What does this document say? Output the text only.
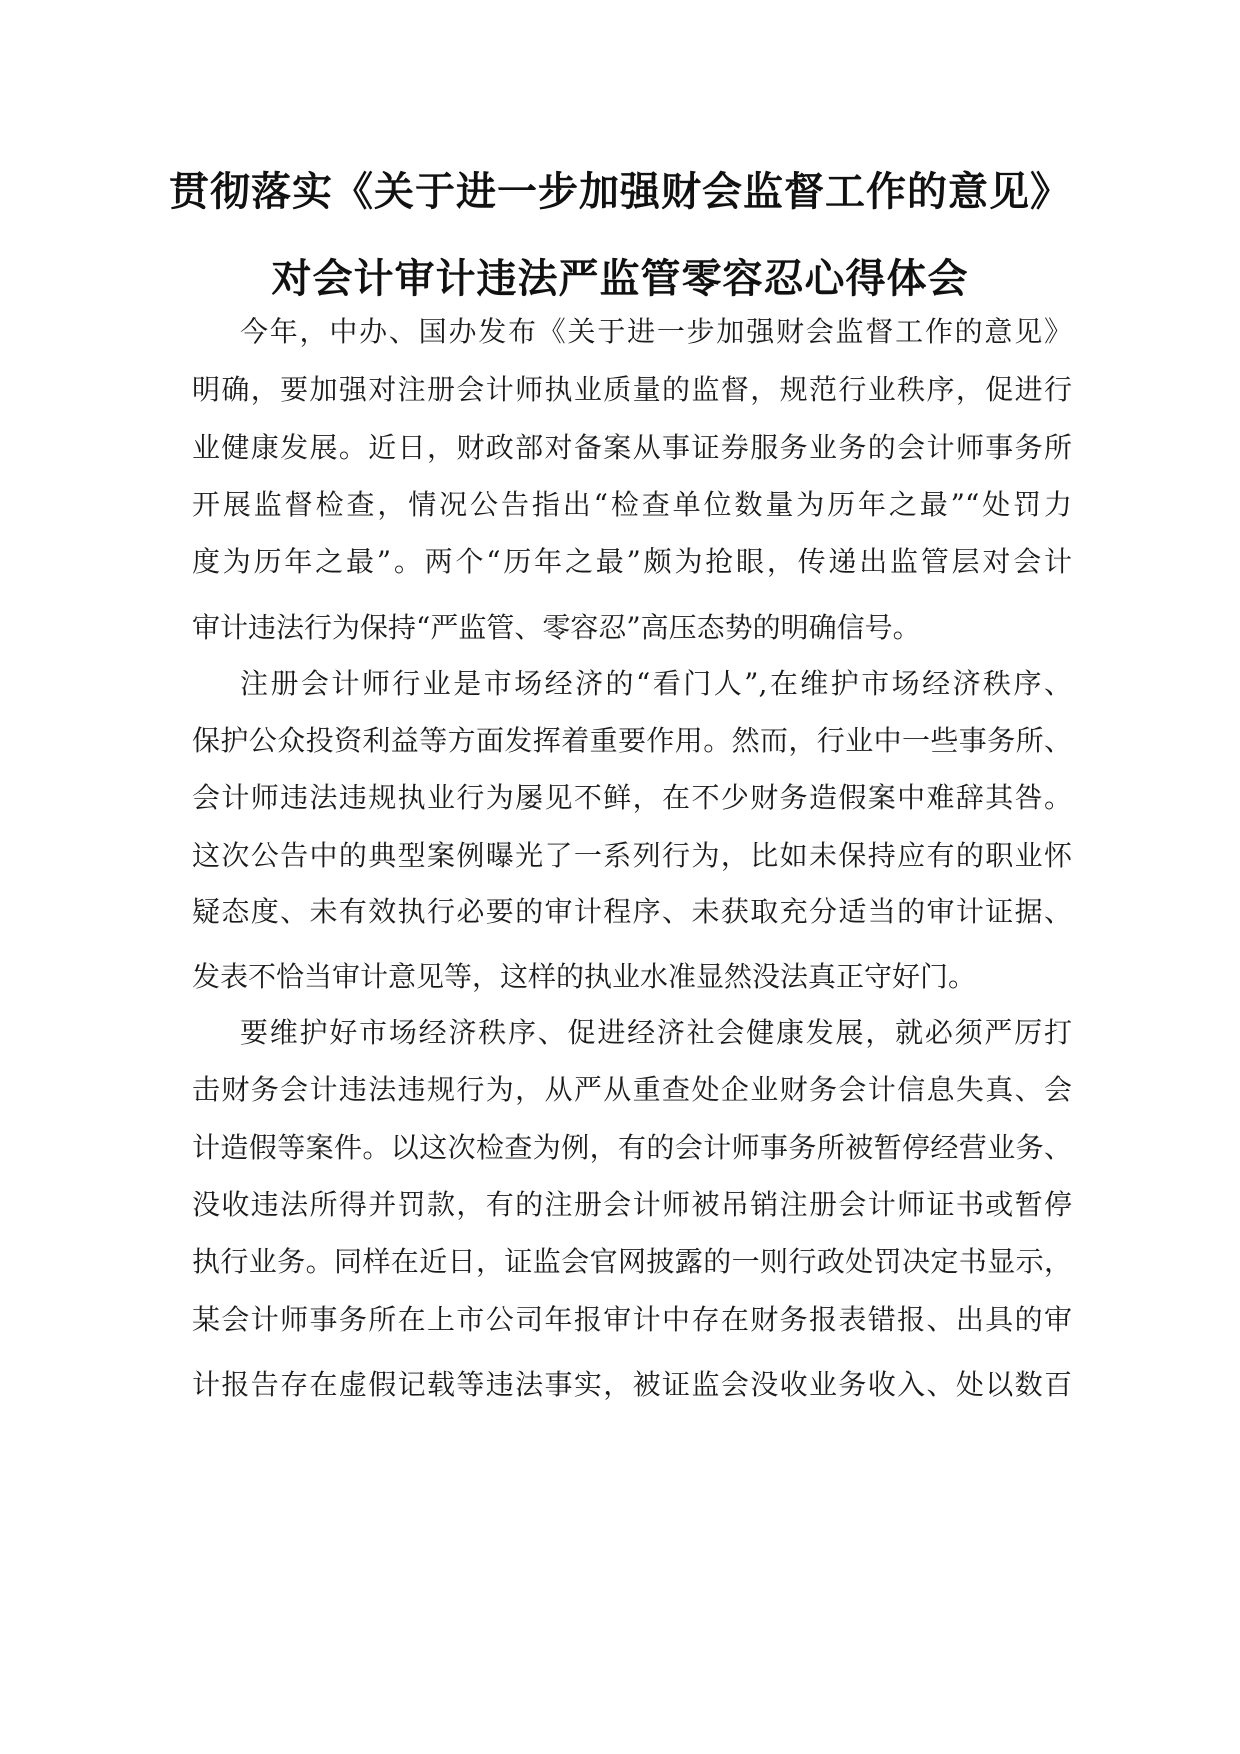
贯彻落实《关于进一步加强财会监督工作的意见》
对会计审计违法严监管零容忍心得体会
今年，中办、国办发布《关于进一步加强财会监督工作的意见》
明确，要加强对注册会计师执业质量的监督，规范行业秩序，促进行
业健康发展。近日，财政部对备案从事证券服务业务的会计师事务所
开展监督检查，情况公告指出“检查单位数量为历年之最”“处罚力
度为历年之最”。两个“历年之最”颇为抢眼，传递出监管层对会计
审计违法行为保持“严监管、零容忍”高压态势的明确信号。
注册会计师行业是市场经济的“看门人”,在维护市场经济秩序、
保护公众投资利益等方面发挥着重要作用。然而，行业中一些事务所、
会计师违法违规执业行为屡见不鲜，在不少财务造假案中难辞其咎。
这次公告中的典型案例曝光了一系列行为，比如未保持应有的职业怀
疑态度、未有效执行必要的审计程序、未获取充分适当的审计证据、
发表不恰当审计意见等，这样的执业水准显然没法真正守好门。
要维护好市场经济秩序、促进经济社会健康发展，就必须严厉打
击财务会计违法违规行为，从严从重查处企业财务会计信息失真、会
计造假等案件。以这次检查为例，有的会计师事务所被暂停经营业务、
没收违法所得并罚款，有的注册会计师被吊销注册会计师证书或暂停
执行业务。同样在近日，证监会官网披露的一则行政处罚决定书显示，
某会计师事务所在上市公司年报审计中存在财务报表错报、出具的审
计报告存在虚假记载等违法事实，被证监会没收业务收入、处以数百
